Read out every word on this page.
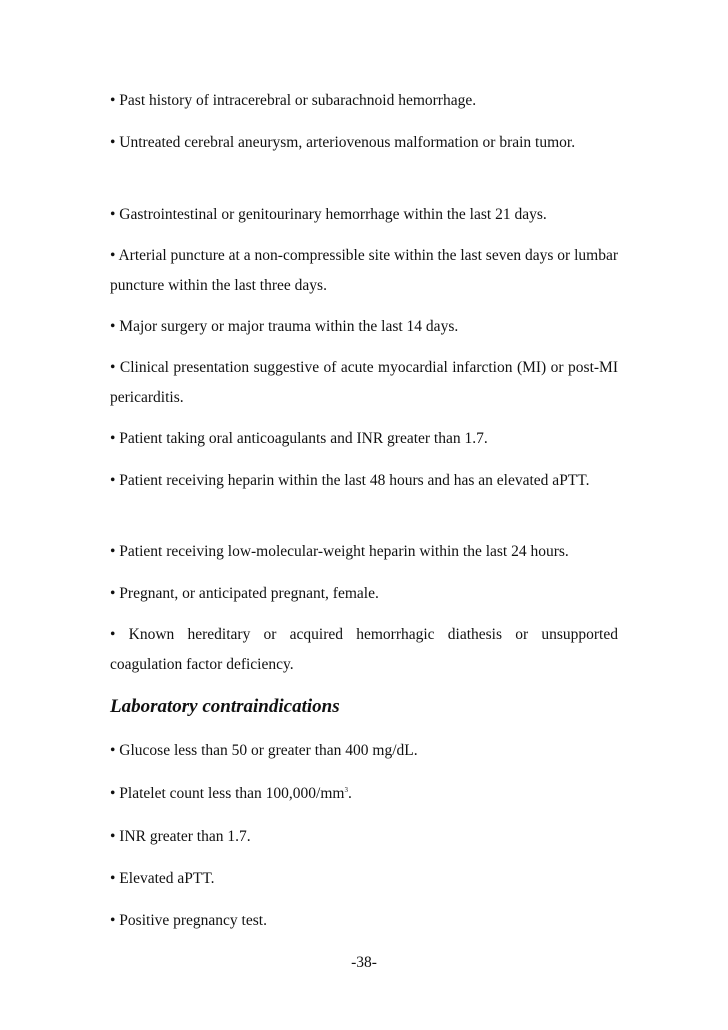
• Past history of intracerebral or subarachnoid hemorrhage.

• Untreated cerebral aneurysm, arteriovenous malformation or brain tumor.

• Gastrointestinal or genitourinary hemorrhage within the last 21 days.

• Arterial puncture at a non-compressible site within the last seven days or lumbar puncture within the last three days.

• Major surgery or major trauma within the last 14 days.

• Clinical presentation suggestive of acute myocardial infarction (MI) or post-MI pericarditis.

• Patient taking oral anticoagulants and INR greater than 1.7.

• Patient receiving heparin within the last 48 hours and has an elevated aPTT.

• Patient receiving low-molecular-weight heparin within the last 24 hours.

• Pregnant, or anticipated pregnant, female.

• Known hereditary or acquired hemorrhagic diathesis or unsupported coagulation factor deficiency.

Laboratory contraindications

• Glucose less than 50 or greater than 400 mg/dL.

• Platelet count less than $100,000/mm^3$.

• INR greater than 1.7.

• Elevated aPTT.

• Positive pregnancy test.

-38-
